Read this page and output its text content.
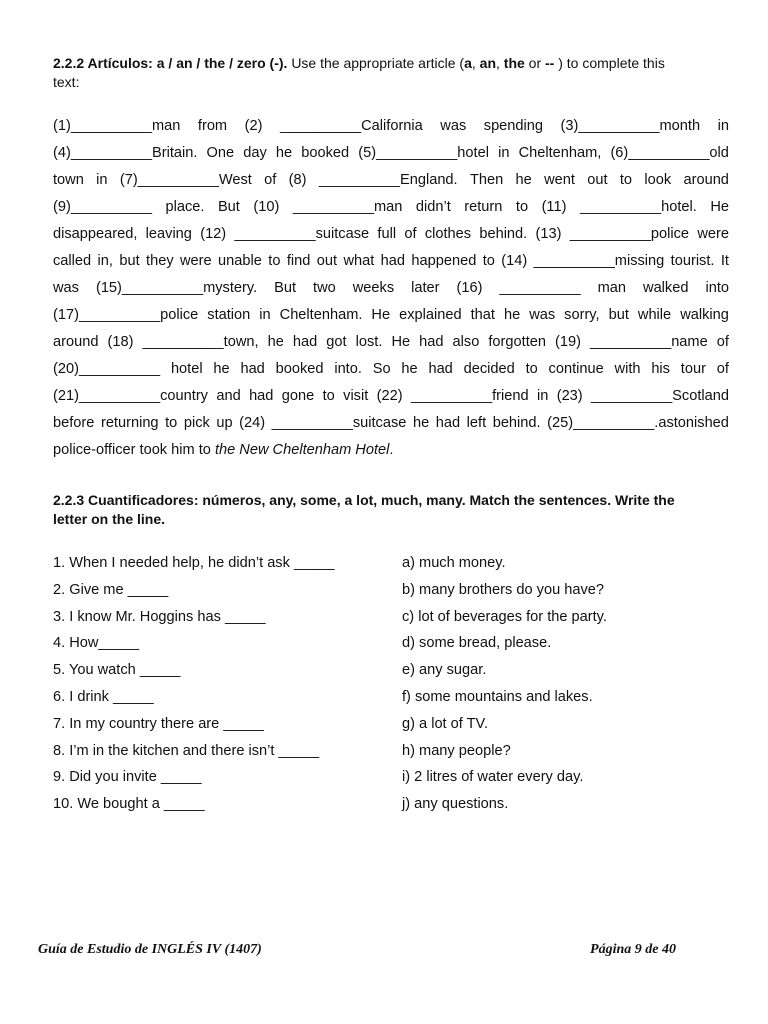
2.2.2 Artículos: a / an / the / zero (-). Use the appropriate article (a, an, the or -- ) to complete this
text:
(1)__________man from (2) __________California was spending (3)__________month in
(4)__________Britain. One day he booked (5)__________hotel in Cheltenham, (6)__________old
town in (7)__________West of (8) __________England. Then he went out to look around
(9)__________ place. But (10) __________man didn’t return to (11) __________hotel. He
disappeared, leaving (12) __________suitcase full of clothes behind. (13) __________police were
called in, but they were unable to find out what had happened to (14) __________missing tourist. It
was (15)__________mystery. But two weeks later (16) __________ man walked into
(17)__________police station in Cheltenham. He explained that he was sorry, but while walking
around (18) __________town, he had got lost. He had also forgotten (19) __________name of
(20)__________ hotel he had booked into. So he had decided to continue with his tour of
(21)__________country and had gone to visit (22) __________friend in (23) __________Scotland
before returning to pick up (24) __________suitcase he had left behind. (25)__________.astonished
police-officer took him to the New Cheltenham Hotel .
2.2.3 Cuantificadores: números, any, some, a lot, much, many. Match the sentences. Write the
letter on the line.
1. When I needed help, he didn’t ask _____	a) much money.
2. Give me _____	b) many brothers do you have?
3. I know Mr. Hoggins has _____	c) lot of beverages for the party.
4. How_____	d) some bread, please.
5. You watch _____	e) any sugar.
6. I drink _____	f) some mountains and lakes.
7. In my country there are _____	g) a lot of TV.
8. I’m in the kitchen and there isn’t _____	h) many people?
9. Did you invite _____	i) 2 litres of water every day.
10. We bought a _____	j) any questions.
Guía de Estudio de INGLÉS IV (1407)	Página 9 de 40
